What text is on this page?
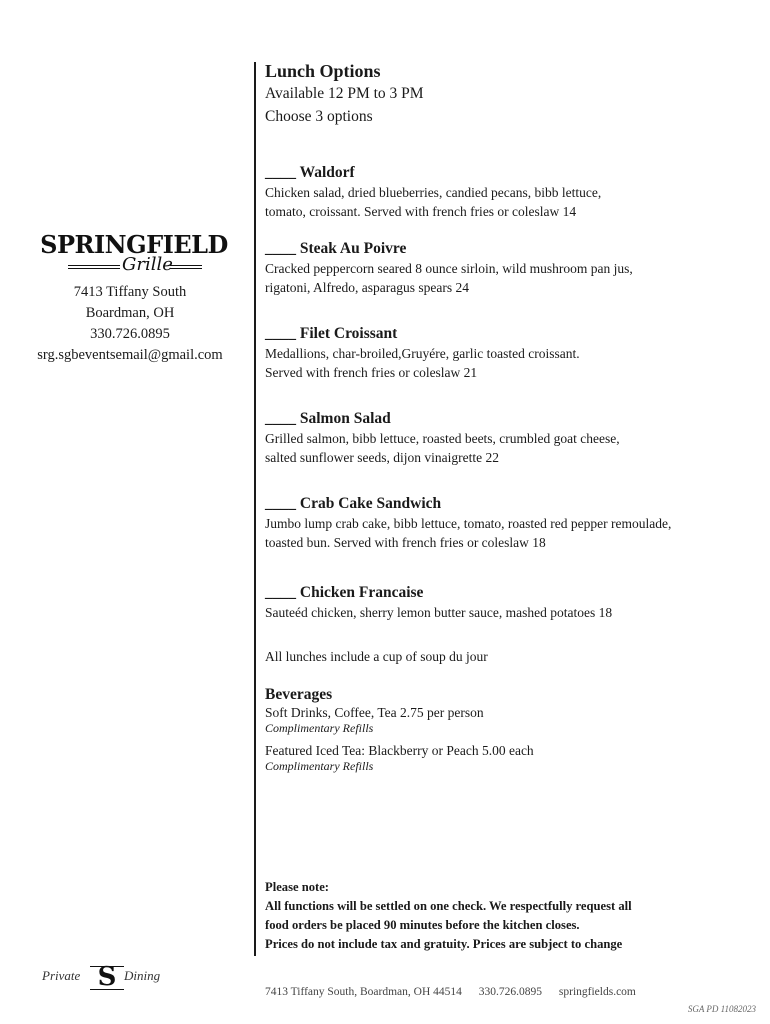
SPRINGFIELD
Grille
7413 Tiffany South
Boardman, OH
330.726.0895
srg.sgbeventsemail@gmail.com
Lunch Options
Available 12 PM to 3 PM
Choose 3 options
____ Waldorf
Chicken salad, dried blueberries, candied pecans, bibb lettuce,
tomato, croissant. Served with french fries or coleslaw 14
____ Steak Au Poivre
Cracked peppercorn seared 8 ounce sirloin, wild mushroom pan jus,
rigatoni, Alfredo, asparagus spears 24
____ Filet Croissant
Medallions, char-broiled,Gruyére, garlic toasted croissant.
Served with french fries or coleslaw 21
____ Salmon Salad
Grilled salmon, bibb lettuce, roasted beets, crumbled goat cheese,
salted sunflower seeds, dijon vinaigrette 22
____ Crab Cake Sandwich
Jumbo lump crab cake, bibb lettuce, tomato, roasted red pepper remoulade,
toasted bun. Served with french fries or coleslaw 18
____ Chicken Francaise
Sauteéd chicken, sherry lemon butter sauce, mashed potatoes 18
All lunches include a cup of soup du jour
Beverages
Soft Drinks, Coffee, Tea 2.75 per person
Complimentary Refills
Featured Iced Tea: Blackberry or Peach 5.00 each
Complimentary Refills
Please note:
All functions will be settled on one check. We respectfully request all
food orders be placed 90 minutes before the kitchen closes.
Prices do not include tax and gratuity. Prices are subject to change
Private S Dining
7413 Tiffany South, Boardman, OH 44514 330.726.0895 springfields.com
SGA PD 11082023
